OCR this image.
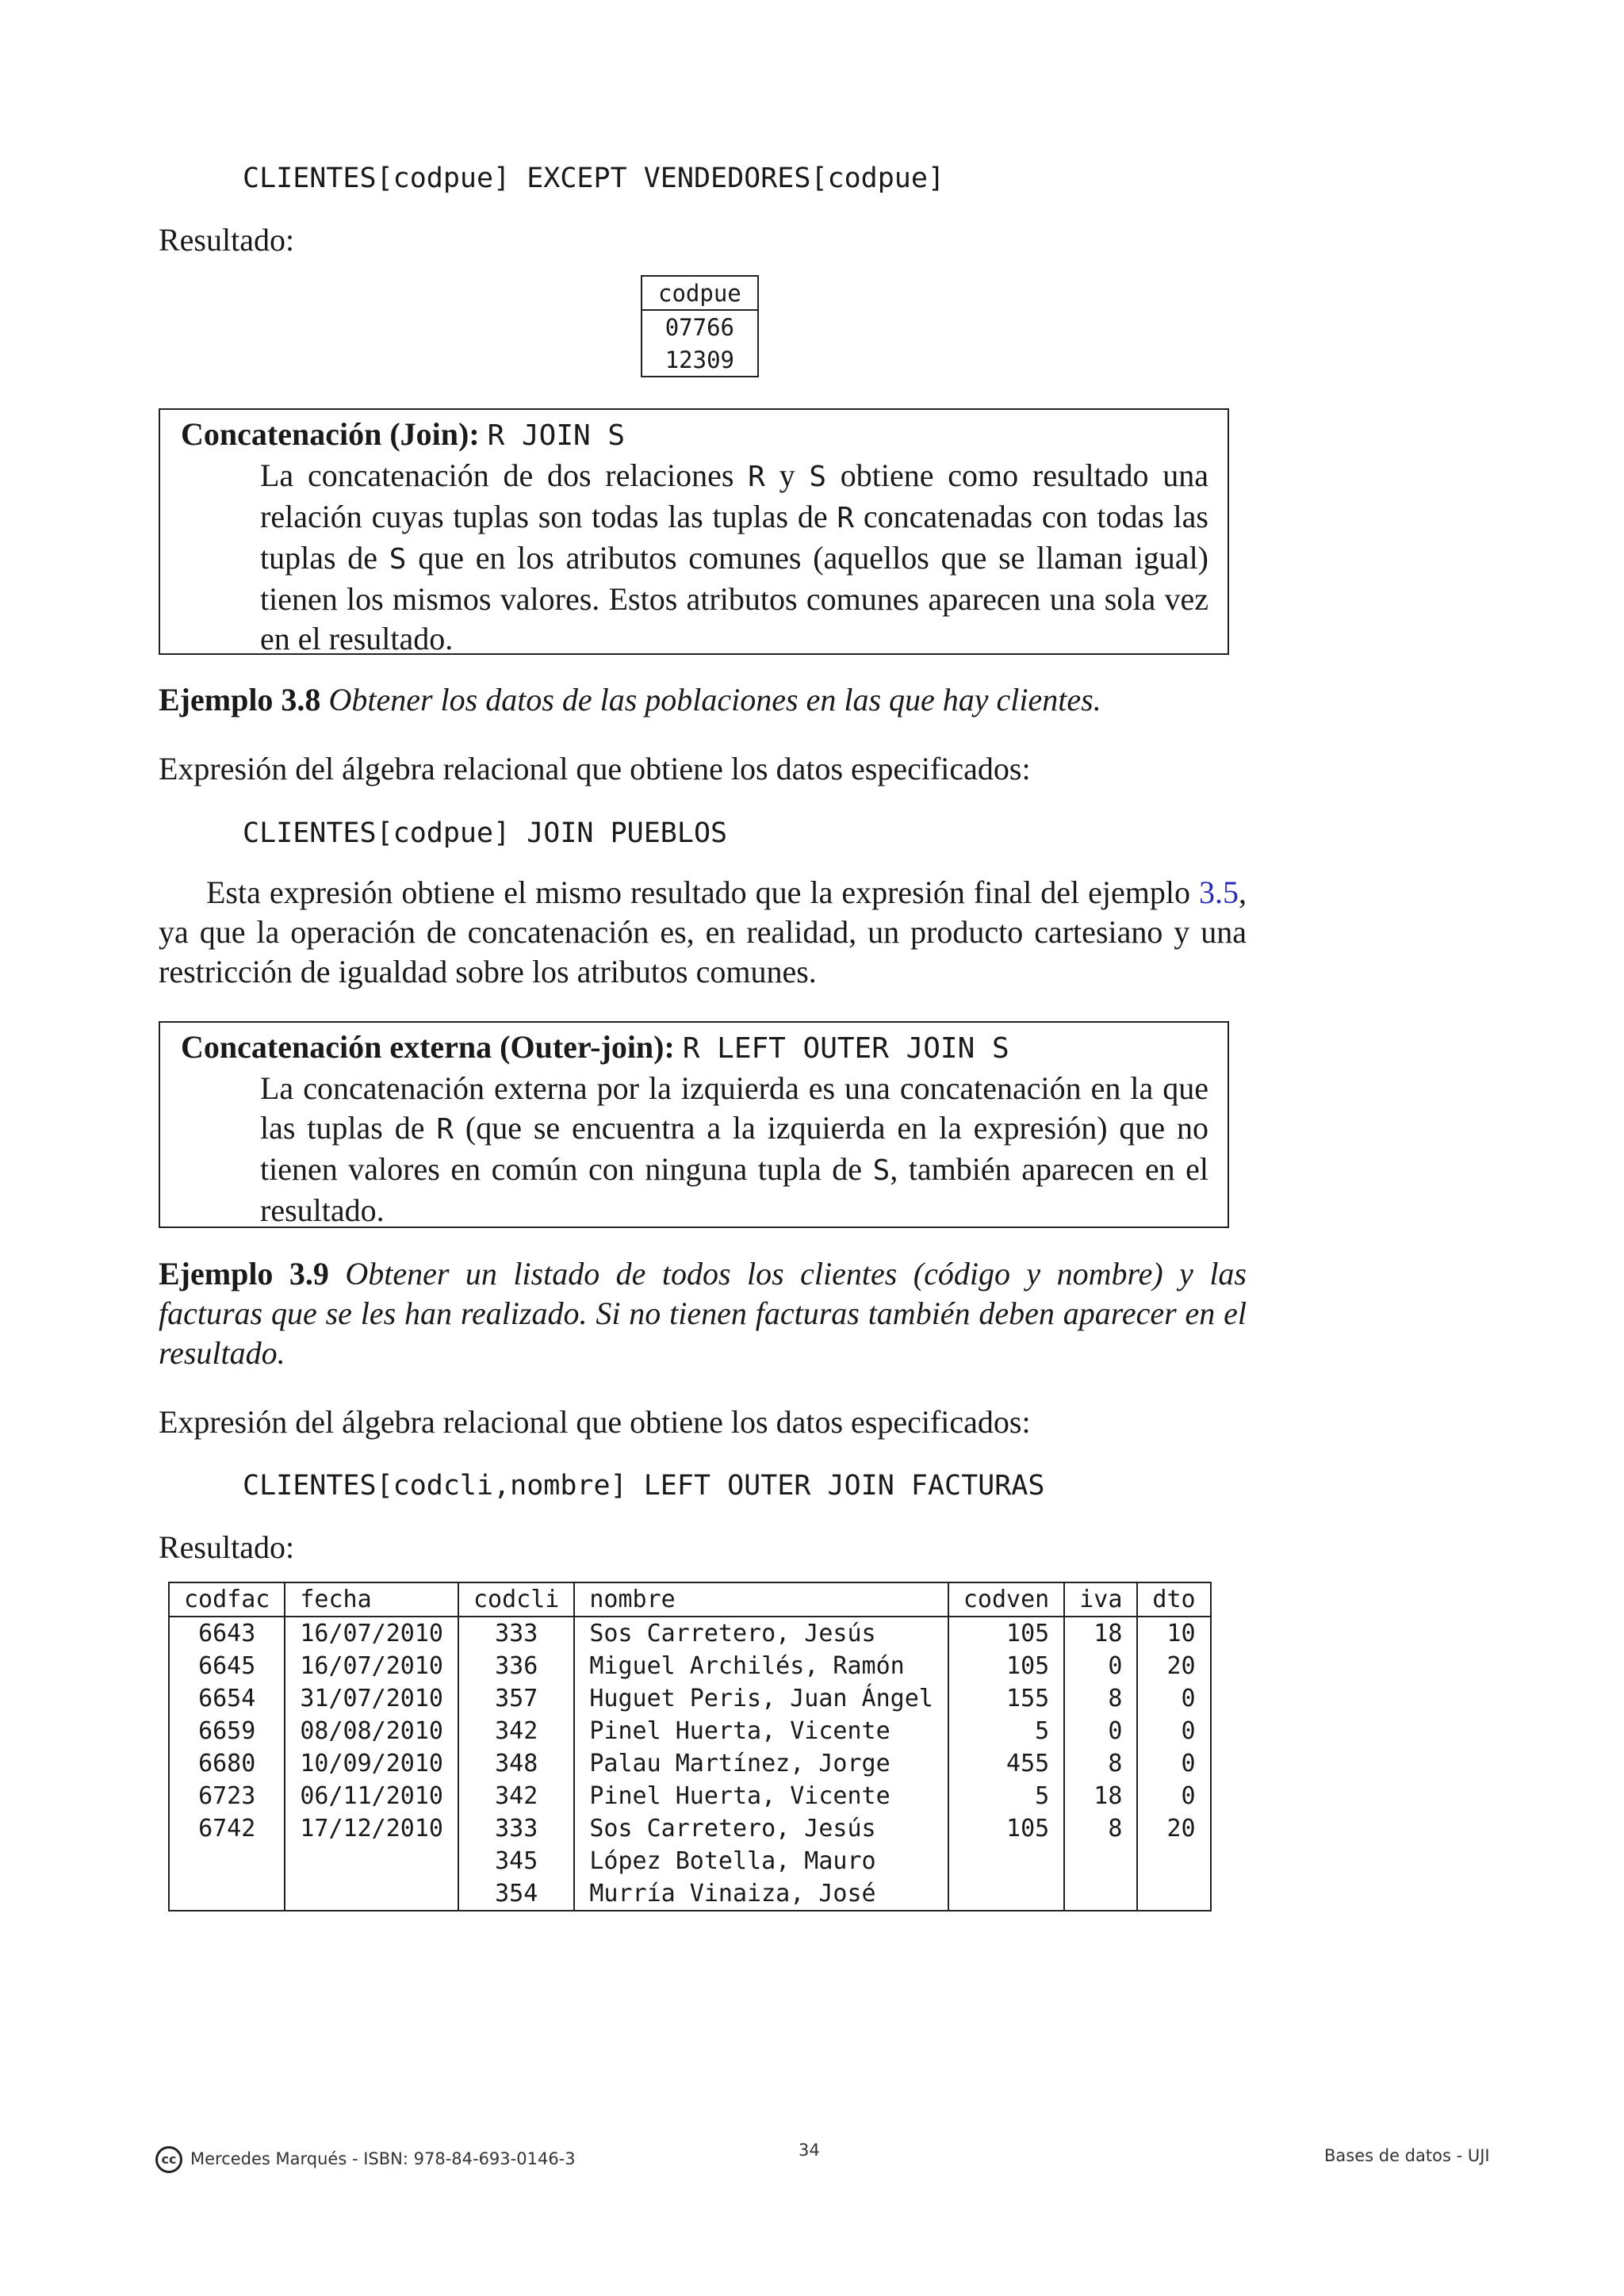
CLIENTES[codpue] EXCEPT VENDEDORES[codpue]
Resultado:
codpue
07766
12309
Concatenación (Join): R JOIN S
La concatenación de dos relaciones R y S obtiene como resultado una relación cuyas tuplas son todas las tuplas de R concatenadas con todas las tuplas de S que en los atributos comunes (aquellos que se llaman igual) tienen los mismos valores. Estos atributos comunes aparecen una sola vez en el resultado.
Ejemplo 3.8 Obtener los datos de las poblaciones en las que hay clientes.
Expresión del álgebra relacional que obtiene los datos especificados:
CLIENTES[codpue] JOIN PUEBLOS
Esta expresión obtiene el mismo resultado que la expresión final del ejemplo 3.5, ya que la operación de concatenación es, en realidad, un producto cartesiano y una restricción de igualdad sobre los atributos comunes.
Concatenación externa (Outer-join): R LEFT OUTER JOIN S
La concatenación externa por la izquierda es una concatenación en la que las tuplas de R (que se encuentra a la izquierda en la expresión) que no tienen valores en común con ninguna tupla de S, también aparecen en el resultado.
Ejemplo 3.9 Obtener un listado de todos los clientes (código y nombre) y las facturas que se les han realizado. Si no tienen facturas también deben aparecer en el resultado.
Expresión del álgebra relacional que obtiene los datos especificados:
CLIENTES[codcli,nombre] LEFT OUTER JOIN FACTURAS
Resultado:
codfac	fecha	codcli	nombre	codven	iva	dto
6643	16/07/2010	333	Sos Carretero, Jesús	105	18	10
6645	16/07/2010	336	Miguel Archilés, Ramón	105	0	20
6654	31/07/2010	357	Huguet Peris, Juan Ángel	155	8	0
6659	08/08/2010	342	Pinel Huerta, Vicente	5	0	0
6680	10/09/2010	348	Palau Martínez, Jorge	455	8	0
6723	06/11/2010	342	Pinel Huerta, Vicente	5	18	0
6742	17/12/2010	333	Sos Carretero, Jesús	105	8	20
		345	López Botella, Mauro			
		354	Murría Vinaiza, José			
cc Mercedes Marqués - ISBN: 978-84-693-0146-3	34	Bases de datos - UJI
